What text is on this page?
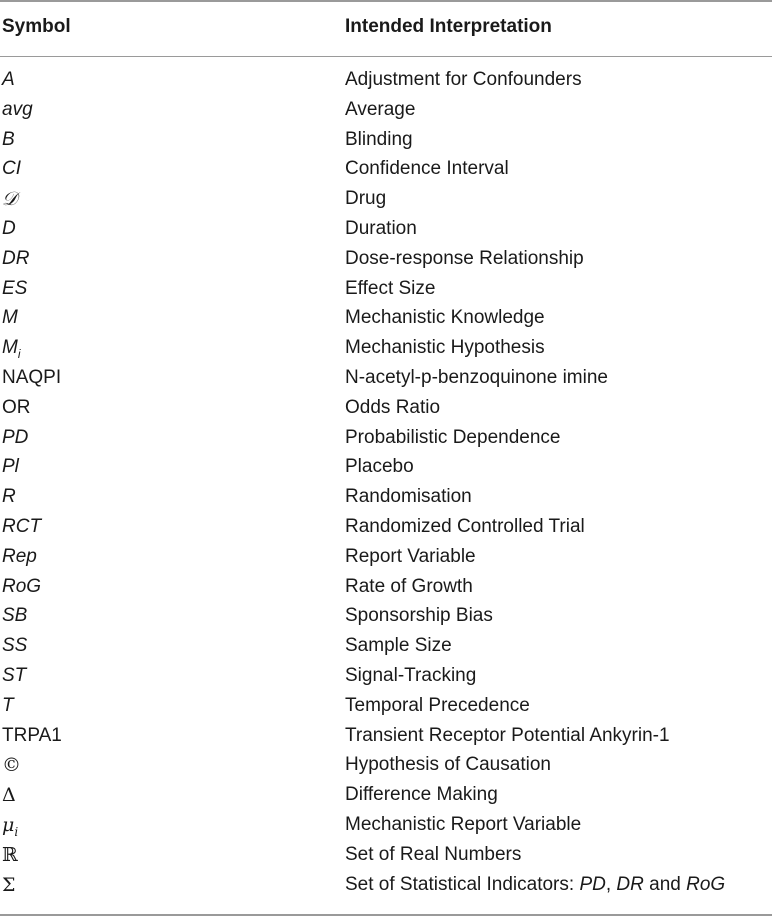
Symbol	Intended Interpretation
A	Adjustment for Confounders
avg	Average
B	Blinding
CI	Confidence Interval
𝒟	Drug
D	Duration
DR	Dose-response Relationship
ES	Effect Size
M	Mechanistic Knowledge
$M_i$	Mechanistic Hypothesis
NAQPI	N-acetyl-p-benzoquinone imine
OR	Odds Ratio
PD	Probabilistic Dependence
Pl	Placebo
R	Randomisation
RCT	Randomized Controlled Trial
Rep	Report Variable
RoG	Rate of Growth
SB	Sponsorship Bias
SS	Sample Size
ST	Signal-Tracking
T	Temporal Precedence
TRPA1	Transient Receptor Potential Ankyrin-1
©	Hypothesis of Causation
Δ	Difference Making
$\mu_i$	Mechanistic Report Variable
ℝ	Set of Real Numbers
Σ	Set of Statistical Indicators: PD, DR and RoG
